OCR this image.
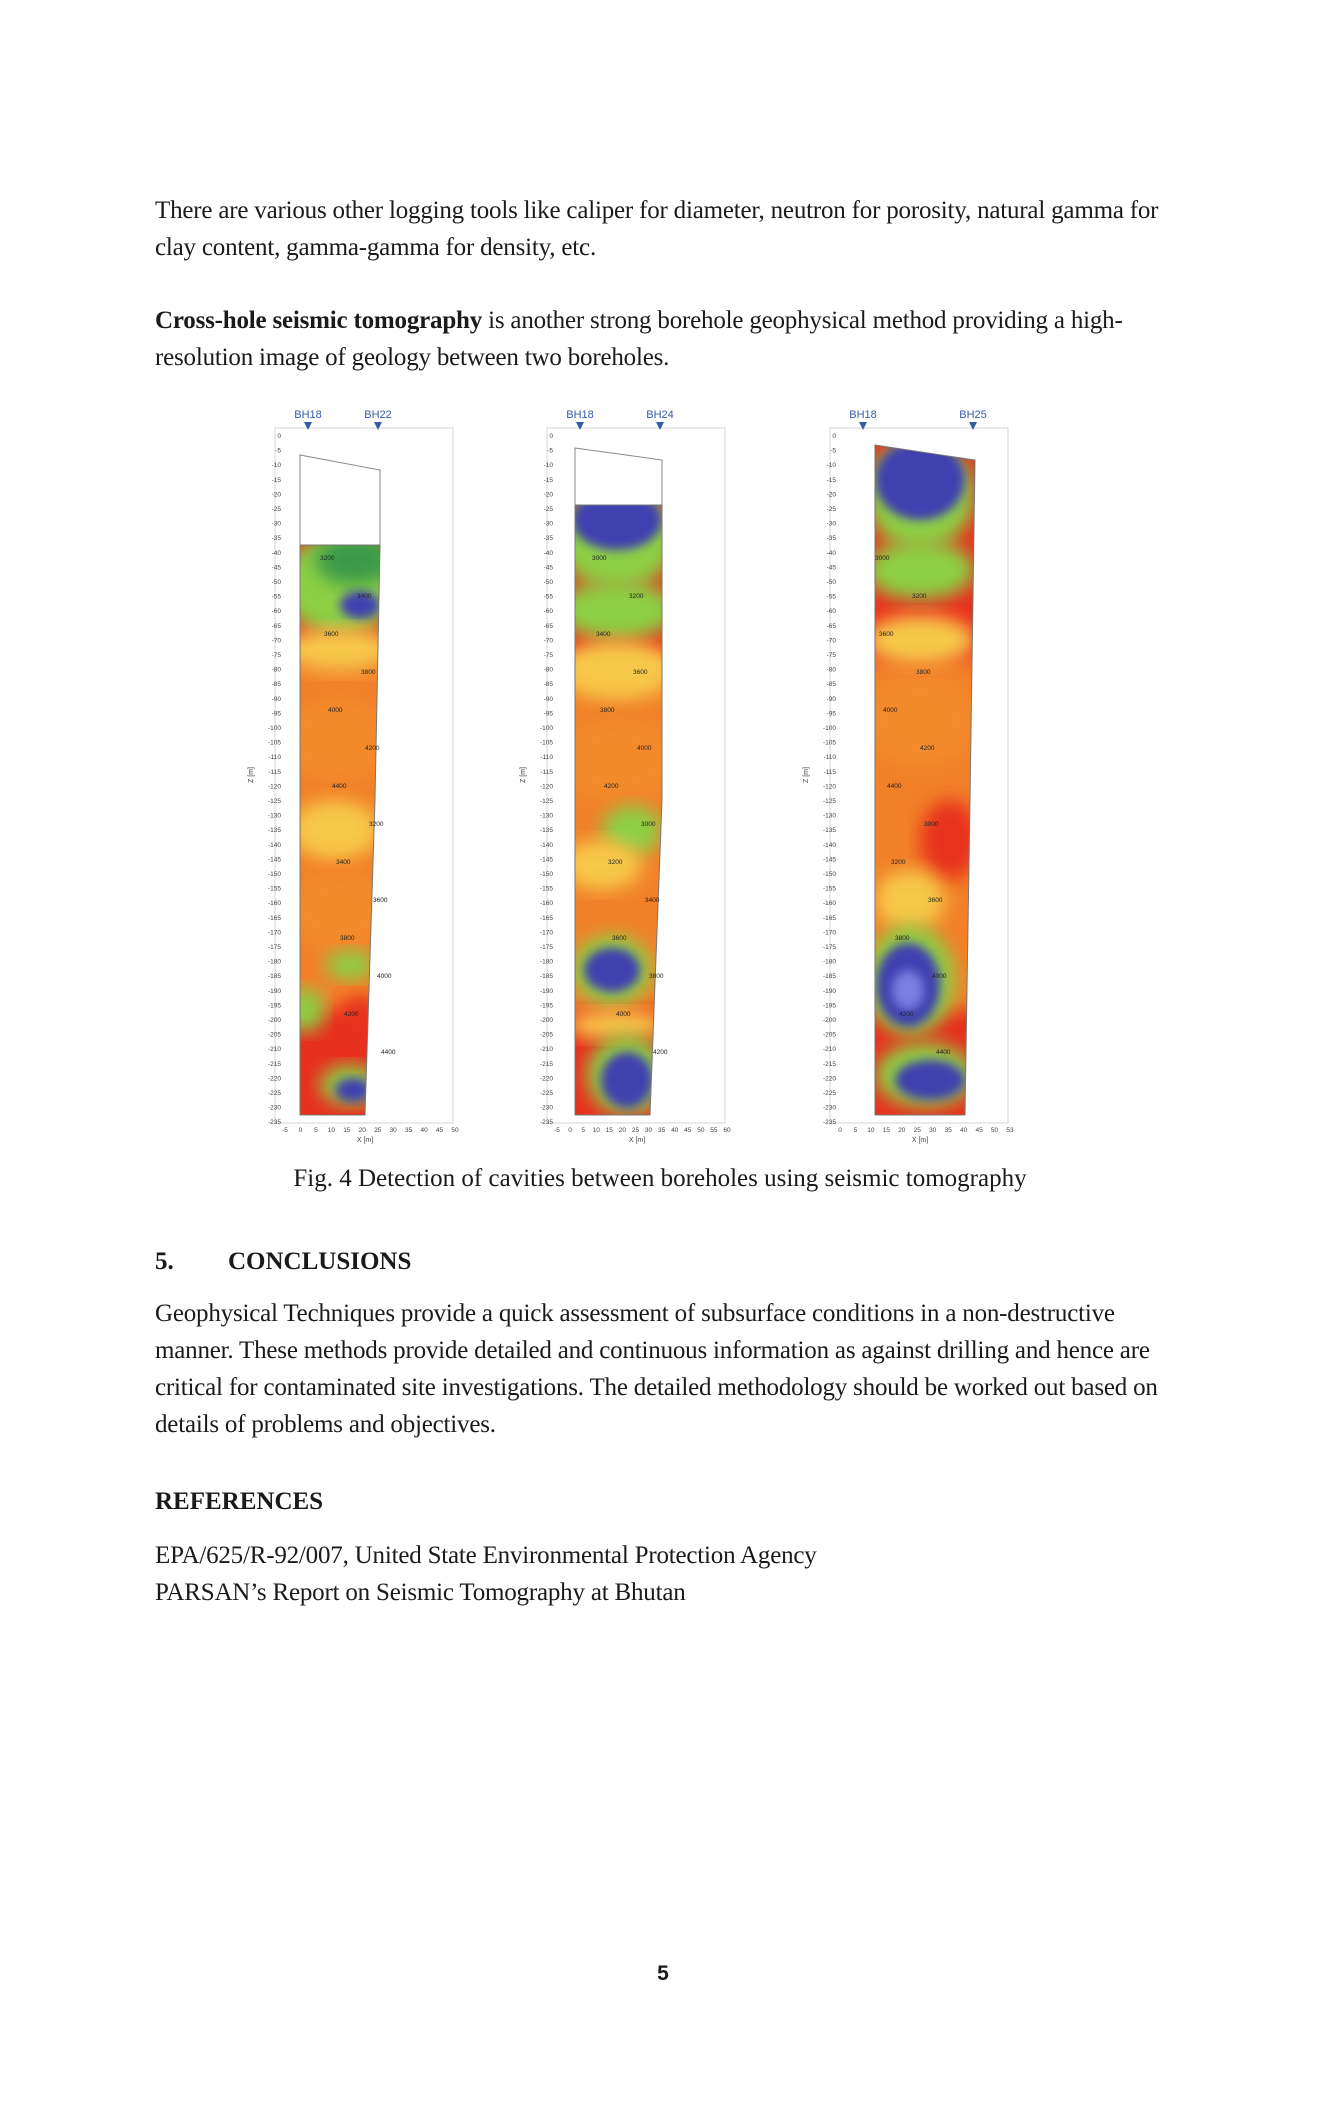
There are various other logging tools like caliper for diameter, neutron for porosity, natural gamma for clay content, gamma-gamma for density, etc.

Cross-hole seismic tomography is another strong borehole geophysical method providing a high-resolution image of geology between two boreholes.

BH18	BH22
0
-5
-10
-15
-20
-25
-30
-35
-40
-45
-50
-55
-60
-65
-70
-75
-80
-85
-90
-95
-100
-105
-110
-115
-120
-125
-130
-135
-140
-145
-150
-155
-160
-165
-170
-175
-180
-185
-190
-195
-200
-205
-210
-215
-220
-225
-230
-235
Z [m]
-5 0 5 10 15 20 25 30 35 40 45 50
X [m]
3200
3400
3600
3800
4000
4200
4400
3200
3400
3600
3800
4000
4200
4400
BH18	BH24
0
-5
-10
-15
-20
-25
-30
-35
-40
-45
-50
-55
-60
-65
-70
-75
-80
-85
-90
-95
-100
-105
-110
-115
-120
-125
-130
-135
-140
-145
-150
-155
-160
-165
-170
-175
-180
-185
-190
-195
-200
-205
-210
-215
-220
-225
-230
-235
Z [m]
-5 0 5 10 15 20 25 30 35 40 45 50 55 60
X [m]
3000
3200
3400
3600
3800
4000
4200
3000
3200
3400
3600
3800
4000
4200
BH18	BH25
0
-5
-10
-15
-20
-25
-30
-35
-40
-45
-50
-55
-60
-65
-70
-75
-80
-85
-90
-95
-100
-105
-110
-115
-120
-125
-130
-135
-140
-145
-150
-155
-160
-165
-170
-175
-180
-185
-190
-195
-200
-205
-210
-215
-220
-225
-230
-235
Z [m]
0 5 10 15 20 25 30 35 40 45 50 53
X [m]
3000
3200
3600
3800
4000
4200
4400
3000
3200
3600
3800
4000
4200
4400

Fig. 4 Detection of cavities between boreholes using seismic tomography

5. CONCLUSIONS

Geophysical Techniques provide a quick assessment of subsurface conditions in a non-destructive manner. These methods provide detailed and continuous information as against drilling and hence are critical for contaminated site investigations. The detailed methodology should be worked out based on details of problems and objectives.

REFERENCES

EPA/625/R-92/007, United State Environmental Protection Agency

PARSAN’s Report on Seismic Tomography at Bhutan

5
